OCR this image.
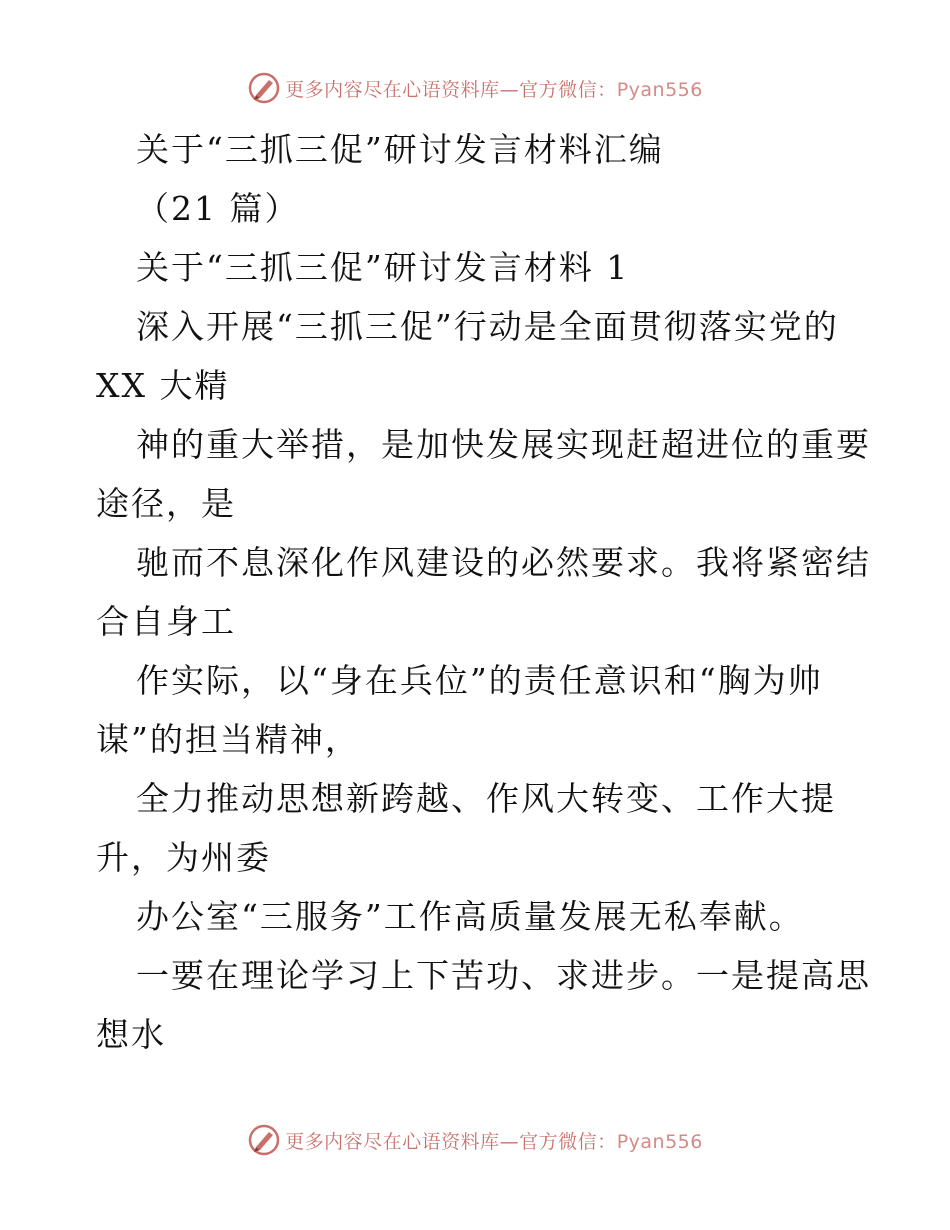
更多内容尽在心语资料库—官方微信：Pyan556
关于“三抓三促”研讨发言材料汇编
（21 篇）
关于“三抓三促”研讨发言材料 1
深入开展“三抓三促”行动是全面贯彻落实党的
XX 大精
神的重大举措，是加快发展实现赶超进位的重要
途径，是
驰而不息深化作风建设的必然要求。我将紧密结
合自身工
作实际，以“身在兵位”的责任意识和“胸为帅
谋”的担当精神，
全力推动思想新跨越、作风大转变、工作大提
升，为州委
办公室“三服务”工作高质量发展无私奉献。
一要在理论学习上下苦功、求进步。一是提高思
想水
更多内容尽在心语资料库—官方微信：Pyan556
